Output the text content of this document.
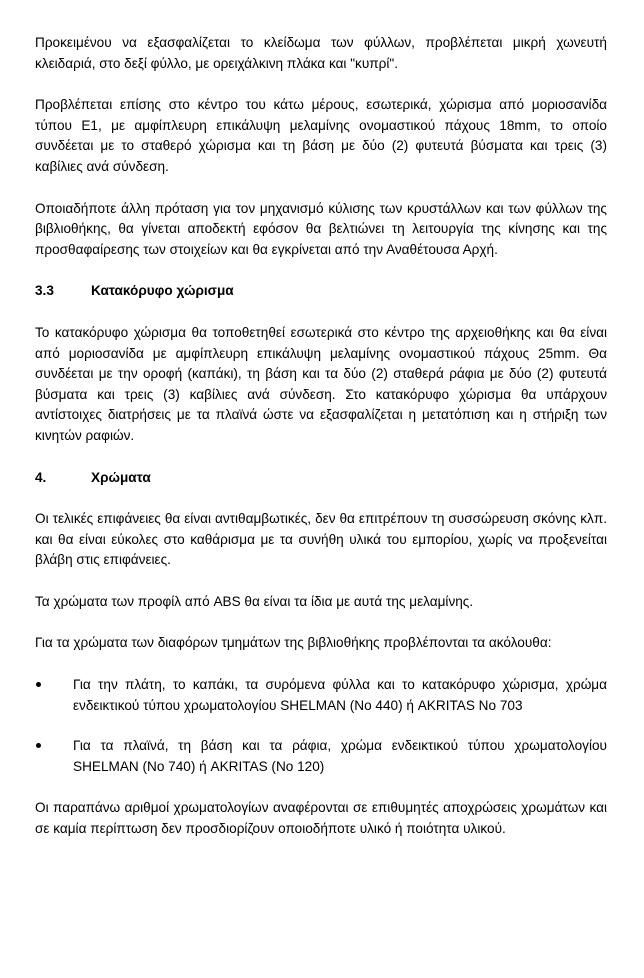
Προκειμένου να εξασφαλίζεται το κλείδωμα των φύλλων, προβλέπεται μικρή χωνευτή κλειδαριά, στο δεξί φύλλο, με ορειχάλκινη πλάκα και "κυπρί".

Προβλέπεται επίσης στο κέντρο του κάτω μέρους, εσωτερικά, χώρισμα από μοριοσανίδα τύπου Ε1, με αμφίπλευρη επικάλυψη μελαμίνης ονομαστικού πάχους 18mm, το οποίο συνδέεται με το σταθερό χώρισμα και τη βάση με δύο (2) φυτευτά βύσματα και τρεις (3) καβίλιες ανά σύνδεση.

Οποιαδήποτε άλλη πρόταση για τον μηχανισμό κύλισης των κρυστάλλων και των φύλλων της βιβλιοθήκης, θα γίνεται αποδεκτή εφόσον θα βελτιώνει τη λειτουργία της κίνησης και της προσθαφαίρεσης των στοιχείων και θα εγκρίνεται από την Αναθέτουσα Αρχή.

3.3	Κατακόρυφο χώρισμα

Το κατακόρυφο χώρισμα θα τοποθετηθεί εσωτερικά στο κέντρο της αρχειοθήκης και θα είναι από μοριοσανίδα με αμφίπλευρη επικάλυψη μελαμίνης ονομαστικού πάχους 25mm. Θα συνδέεται με την οροφή (καπάκι), τη βάση και τα δύο (2) σταθερά ράφια με δύο (2) φυτευτά βύσματα και τρεις (3) καβίλιες ανά σύνδεση. Στο κατακόρυφο χώρισμα θα υπάρχουν αντίστοιχες διατρήσεις με τα πλαϊνά ώστε να εξασφαλίζεται η μετατόπιση και η στήριξη των κινητών ραφιών.

4.	Χρώματα

Οι τελικές επιφάνειες θα είναι αντιθαμβωτικές, δεν θα επιτρέπουν τη συσσώρευση σκόνης κλπ. και θα είναι εύκολες στο καθάρισμα με τα συνήθη υλικά του εμπορίου, χωρίς να προξενείται βλάβη στις επιφάνειες.

Τα χρώματα των προφίλ από ABS θα είναι τα ίδια με αυτά της μελαμίνης.

Για τα χρώματα των διαφόρων τμημάτων της βιβλιοθήκης προβλέπονται τα ακόλουθα:

Για την πλάτη, το καπάκι, τα συρόμενα φύλλα και το κατακόρυφο χώρισμα, χρώμα ενδεικτικού τύπου χρωματολογίου SHELMAN (No 440) ή AKRITAS No 703
Για τα πλαϊνά, τη βάση και τα ράφια, χρώμα ενδεικτικού τύπου χρωματολογίου SHELMAN (No 740) ή AKRITAS (No 120)

Οι παραπάνω αριθμοί χρωματολογίων αναφέρονται σε επιθυμητές αποχρώσεις χρωμάτων και σε καμία περίπτωση δεν προσδιορίζουν οποιοδήποτε υλικό ή ποιότητα υλικού.
